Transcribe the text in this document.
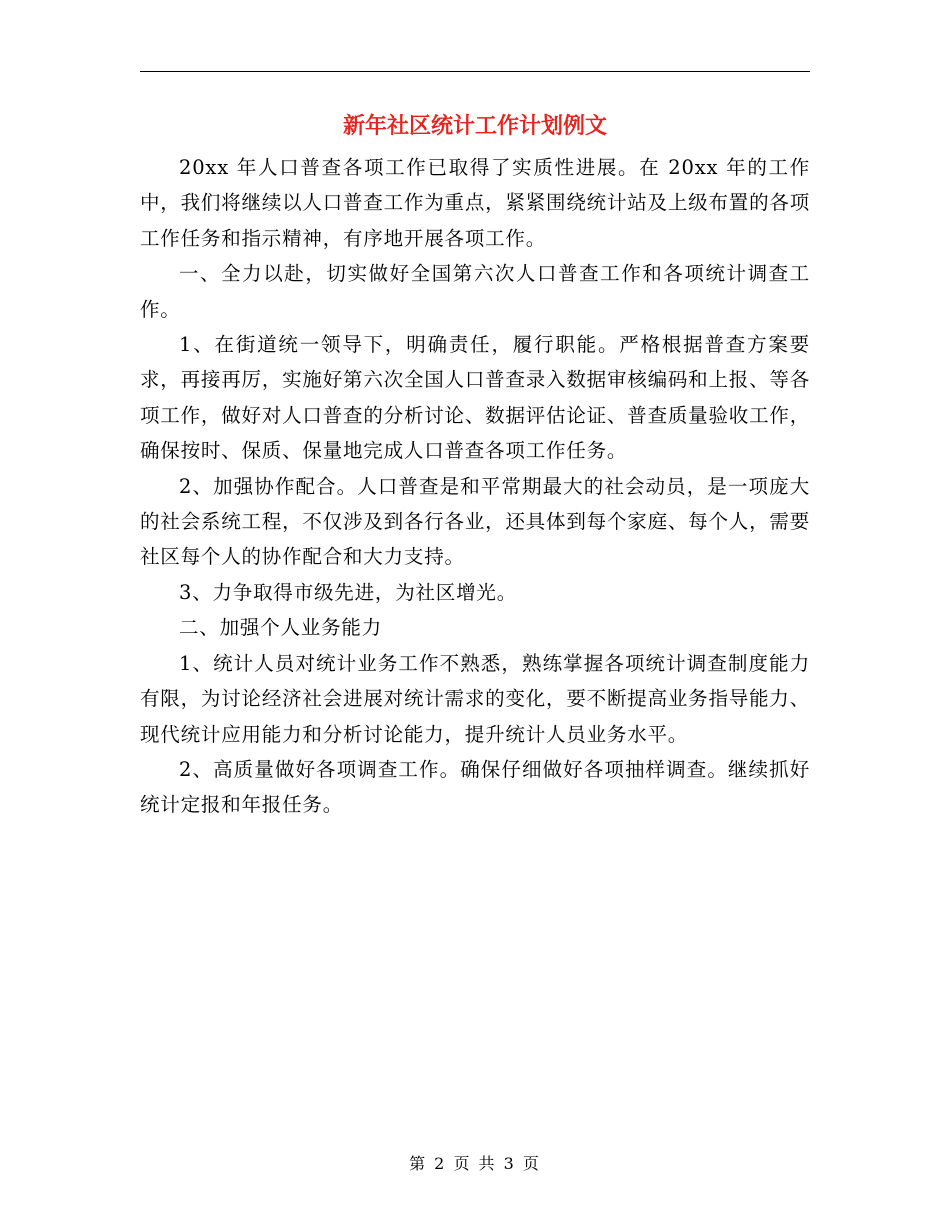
新年社区统计工作计划例文

20xx 年人口普查各项工作已取得了实质性进展。在 20xx 年的工作中，我们将继续以人口普查工作为重点，紧紧围绕统计站及上级布置的各项工作任务和指示精神，有序地开展各项工作。

一、全力以赴，切实做好全国第六次人口普查工作和各项统计调查工作。

1、在街道统一领导下，明确责任，履行职能。严格根据普查方案要求，再接再厉，实施好第六次全国人口普查录入数据审核编码和上报、等各项工作，做好对人口普查的分析讨论、数据评估论证、普查质量验收工作，确保按时、保质、保量地完成人口普查各项工作任务。

2、加强协作配合。人口普查是和平常期最大的社会动员，是一项庞大的社会系统工程，不仅涉及到各行各业，还具体到每个家庭、每个人，需要社区每个人的协作配合和大力支持。

3、力争取得市级先进，为社区增光。

二、加强个人业务能力

1、统计人员对统计业务工作不熟悉，熟练掌握各项统计调查制度能力有限，为讨论经济社会进展对统计需求的变化，要不断提高业务指导能力、现代统计应用能力和分析讨论能力，提升统计人员业务水平。

2、高质量做好各项调查工作。确保仔细做好各项抽样调查。继续抓好统计定报和年报任务。

第 2 页 共 3 页
